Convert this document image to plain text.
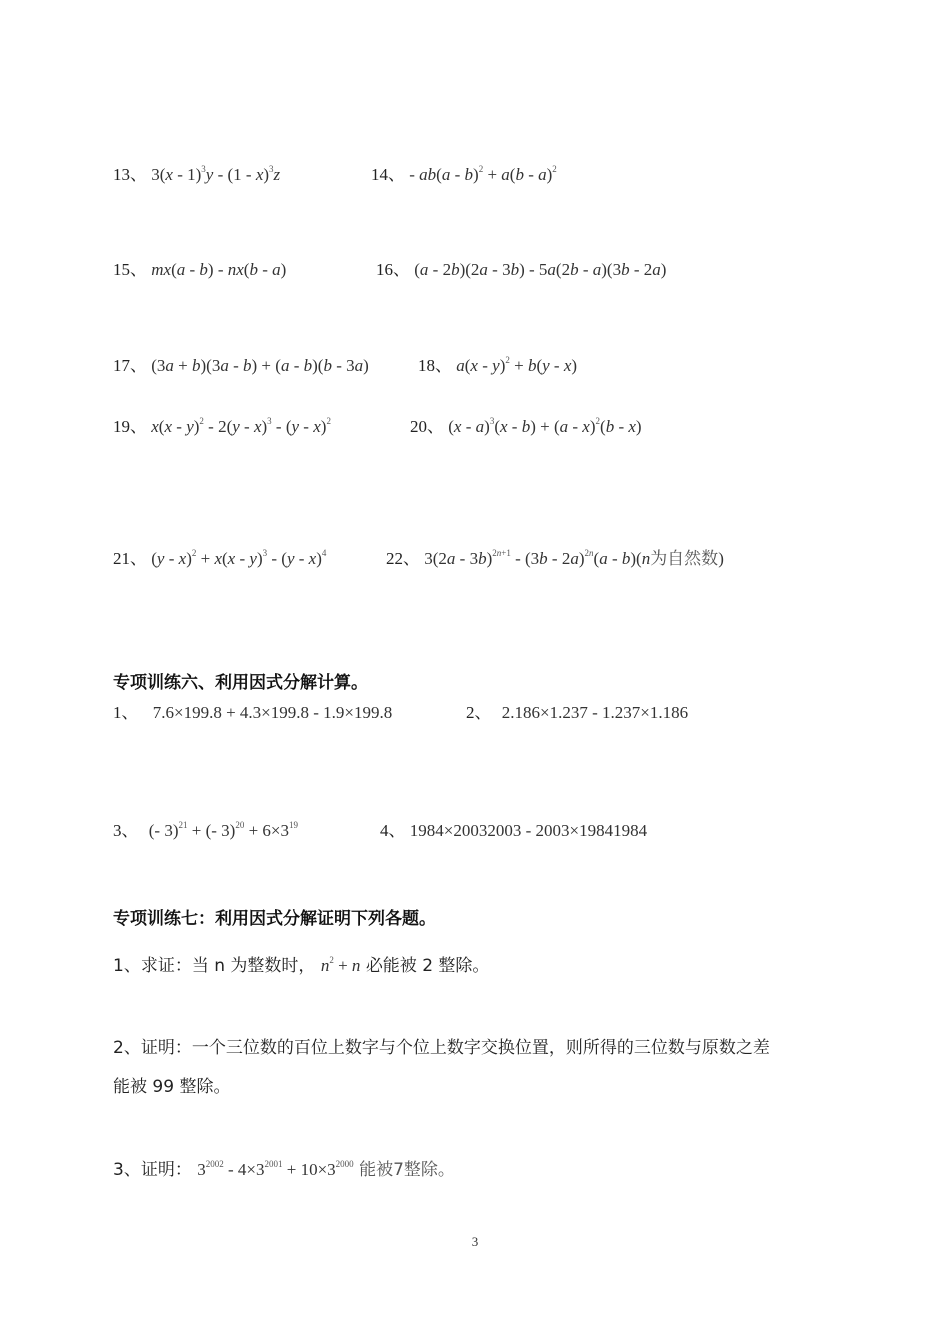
13、 3(x - 1)$^3$y - (1 - x)$^3$z	14、 - ab(a - b)$^2$ + a(b - a)$^2$
15、 mx(a - b) - nx(b - a)	16、 (a - 2b)(2a - 3b) - 5a(2b - a)(3b - 2a)
17、 (3a + b)(3a - b) + (a - b)(b - 3a)	18、 a(x - y)$^2$ + b(y - x)
19、 x(x - y)$^2$ - 2(y - x)$^3$ - (y - x)$^2$	20、 (x - a)$^3$(x - b) + (a - x)$^2$(b - x)
21、 (y - x)$^2$ + x(x - y)$^3$ - (y - x)$^4$	22、 3(2a - 3b)$^{2n+1}$ - (3b - 2a)$^{2n}$(a - b)(n为自然数)
专项训练六、利用因式分解计算。
1、 7.6×199.8 + 4.3×199.8 - 1.9×199.8	2、 2.186×1.237 - 1.237×1.186
3、 (- 3)$^{21}$ + (- $3)^{20} + 6\times 3^{19}$	4、 1984×20032003 - 2003×19841984
专项训练七：利用因式分解证明下列各题。
1、求证：当 n 为整数时， $n^2 + n$ 必能被 2 整除。
2、证明：一个三位数的百位上数字与个位上数字交换位置，则所得的三位数与原数之差
能被 99 整除。
3、证明： $3^{2002} - 4\times 3^{2001} + 10\times 3^{2000}$ 能被7整除。
3
